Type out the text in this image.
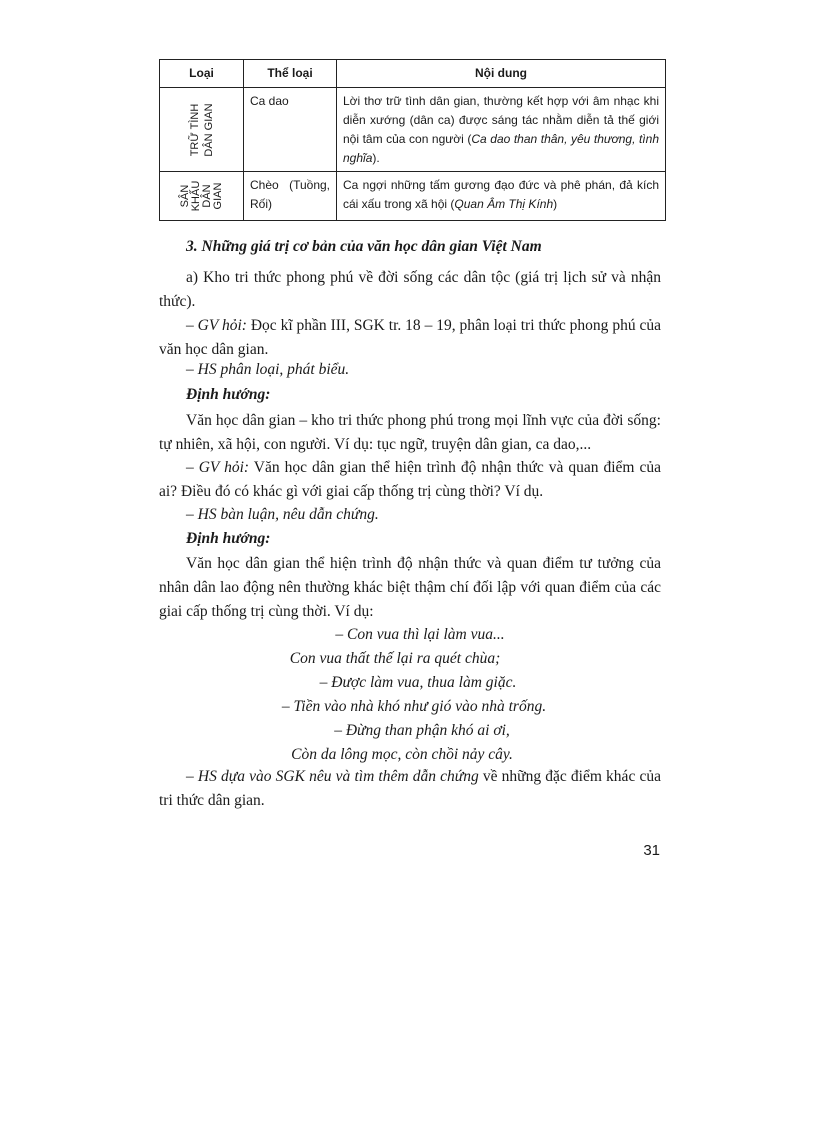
Loại	Thể loại	Nội dung

TRỮ TÌNH DÂN GIAN	Ca dao	Lời thơ trữ tình dân gian, thường kết hợp với âm nhạc khi diễn xướng (dân ca) được sáng tác nhằm diễn tả thế giới nội tâm của con người (Ca dao than thân, yêu thương, tình nghĩa).

SÂN KHẤU DÂN GIAN	Chèo (Tuồng, Rối)	Ca ngợi những tấm gương đạo đức và phê phán, đả kích cái xấu trong xã hội (Quan Âm Thị Kính)

3. Những giá trị cơ bản của văn học dân gian Việt Nam

a) Kho tri thức phong phú về đời sống các dân tộc (giá trị lịch sử và nhận thức).

– GV hỏi: Đọc kĩ phần III, SGK tr. 18 – 19, phân loại tri thức phong phú của văn học dân gian.

– HS phân loại, phát biểu.

Định hướng:

Văn học dân gian – kho tri thức phong phú trong mọi lĩnh vực của đời sống: tự nhiên, xã hội, con người. Ví dụ: tục ngữ, truyện dân gian, ca dao,...

– GV hỏi: Văn học dân gian thể hiện trình độ nhận thức và quan điểm của ai? Điều đó có khác gì với giai cấp thống trị cùng thời? Ví dụ.

– HS bàn luận, nêu dẫn chứng.

Định hướng:

Văn học dân gian thể hiện trình độ nhận thức và quan điểm tư tưởng của nhân dân lao động nên thường khác biệt thậm chí đối lập với quan điểm của các giai cấp thống trị cùng thời. Ví dụ:

– Con vua thì lại làm vua...
Con vua thất thế lại ra quét chùa;
– Được làm vua, thua làm giặc.
– Tiền vào nhà khó như gió vào nhà trống.
– Đừng than phận khó ai ơi,
Còn da lông mọc, còn chồi nảy cây.

– HS dựa vào SGK nêu và tìm thêm dẫn chứng về những đặc điểm khác của tri thức dân gian.

31
